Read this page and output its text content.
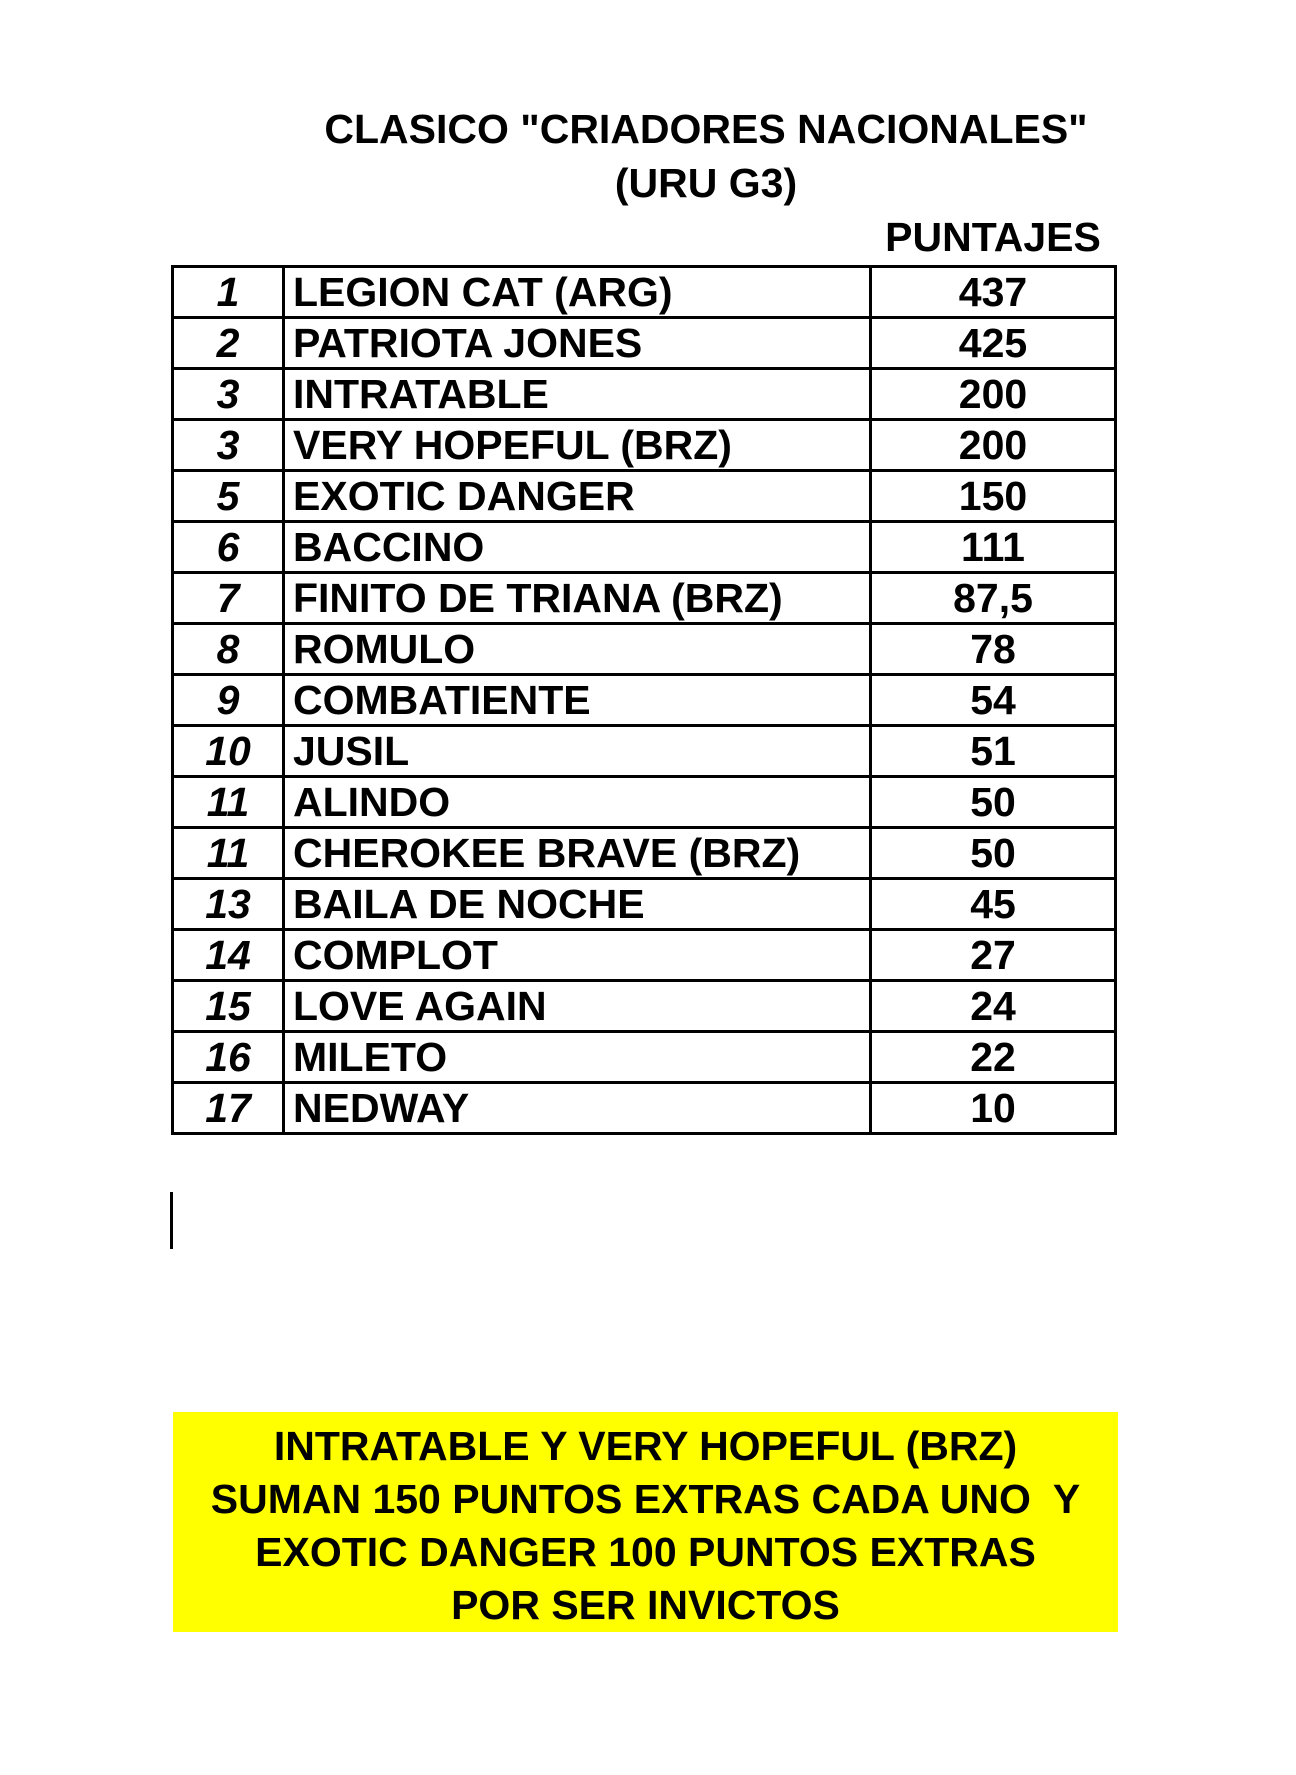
CLASICO "CRIADORES NACIONALES"
(URU G3)
PUNTAJES
1	LEGION CAT (ARG)	437
2	PATRIOTA JONES	425
3	INTRATABLE	200
3	VERY HOPEFUL (BRZ)	200
5	EXOTIC DANGER	150
6	BACCINO	111
7	FINITO DE TRIANA (BRZ)	87,5
8	ROMULO	78
9	COMBATIENTE	54
10	JUSIL	51
11	ALINDO	50
11	CHEROKEE BRAVE (BRZ)	50
13	BAILA DE NOCHE	45
14	COMPLOT	27
15	LOVE AGAIN	24
16	MILETO	22
17	NEDWAY	10
INTRATABLE Y VERY HOPEFUL (BRZ)
SUMAN 150 PUNTOS EXTRAS CADA UNO  Y
EXOTIC DANGER 100 PUNTOS EXTRAS
POR SER INVICTOS
